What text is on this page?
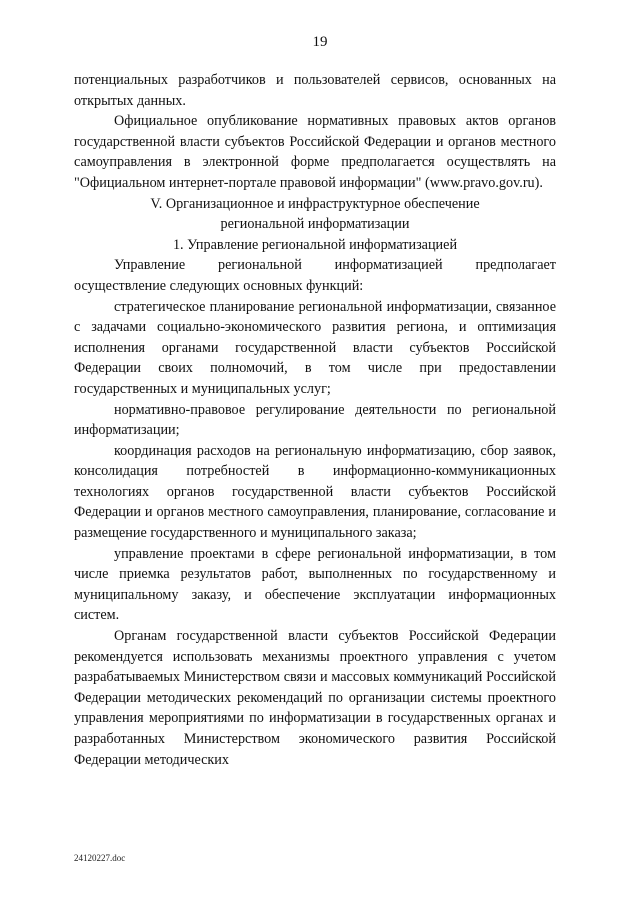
19

потенциальных разработчиков и пользователей сервисов, основанных на открытых данных.

Официальное опубликование нормативных правовых актов органов государственной власти субъектов Российской Федерации и органов местного самоуправления в электронной форме предполагается осуществлять на "Официальном интернет-портале правовой информации" (www.pravo.gov.ru).

V. Организационное и инфраструктурное обеспечение

региональной информатизации

1. Управление региональной информатизацией

Управление региональной информатизацией предполагает осуществление следующих основных функций:

стратегическое планирование региональной информатизации, связанное с задачами социально-экономического развития региона, и оптимизация исполнения органами государственной власти субъектов Российской Федерации своих полномочий, в том числе при предоставлении государственных и муниципальных услуг;

нормативно-правовое регулирование деятельности по региональной информатизации;

координация расходов на региональную информатизацию, сбор заявок, консолидация потребностей в информационно-коммуникационных технологиях органов государственной власти субъектов Российской Федерации и органов местного самоуправления, планирование, согласование и размещение государственного и муниципального заказа;

управление проектами в сфере региональной информатизации, в том числе приемка результатов работ, выполненных по государственному и муниципальному заказу, и обеспечение эксплуатации информационных систем.

Органам государственной власти субъектов Российской Федерации рекомендуется использовать механизмы проектного управления с учетом разрабатываемых Министерством связи и массовых коммуникаций Российской Федерации методических рекомендаций по организации системы проектного управления мероприятиями по информатизации в государственных органах и разработанных Министерством экономического развития Российской Федерации методических

24120227.doc
